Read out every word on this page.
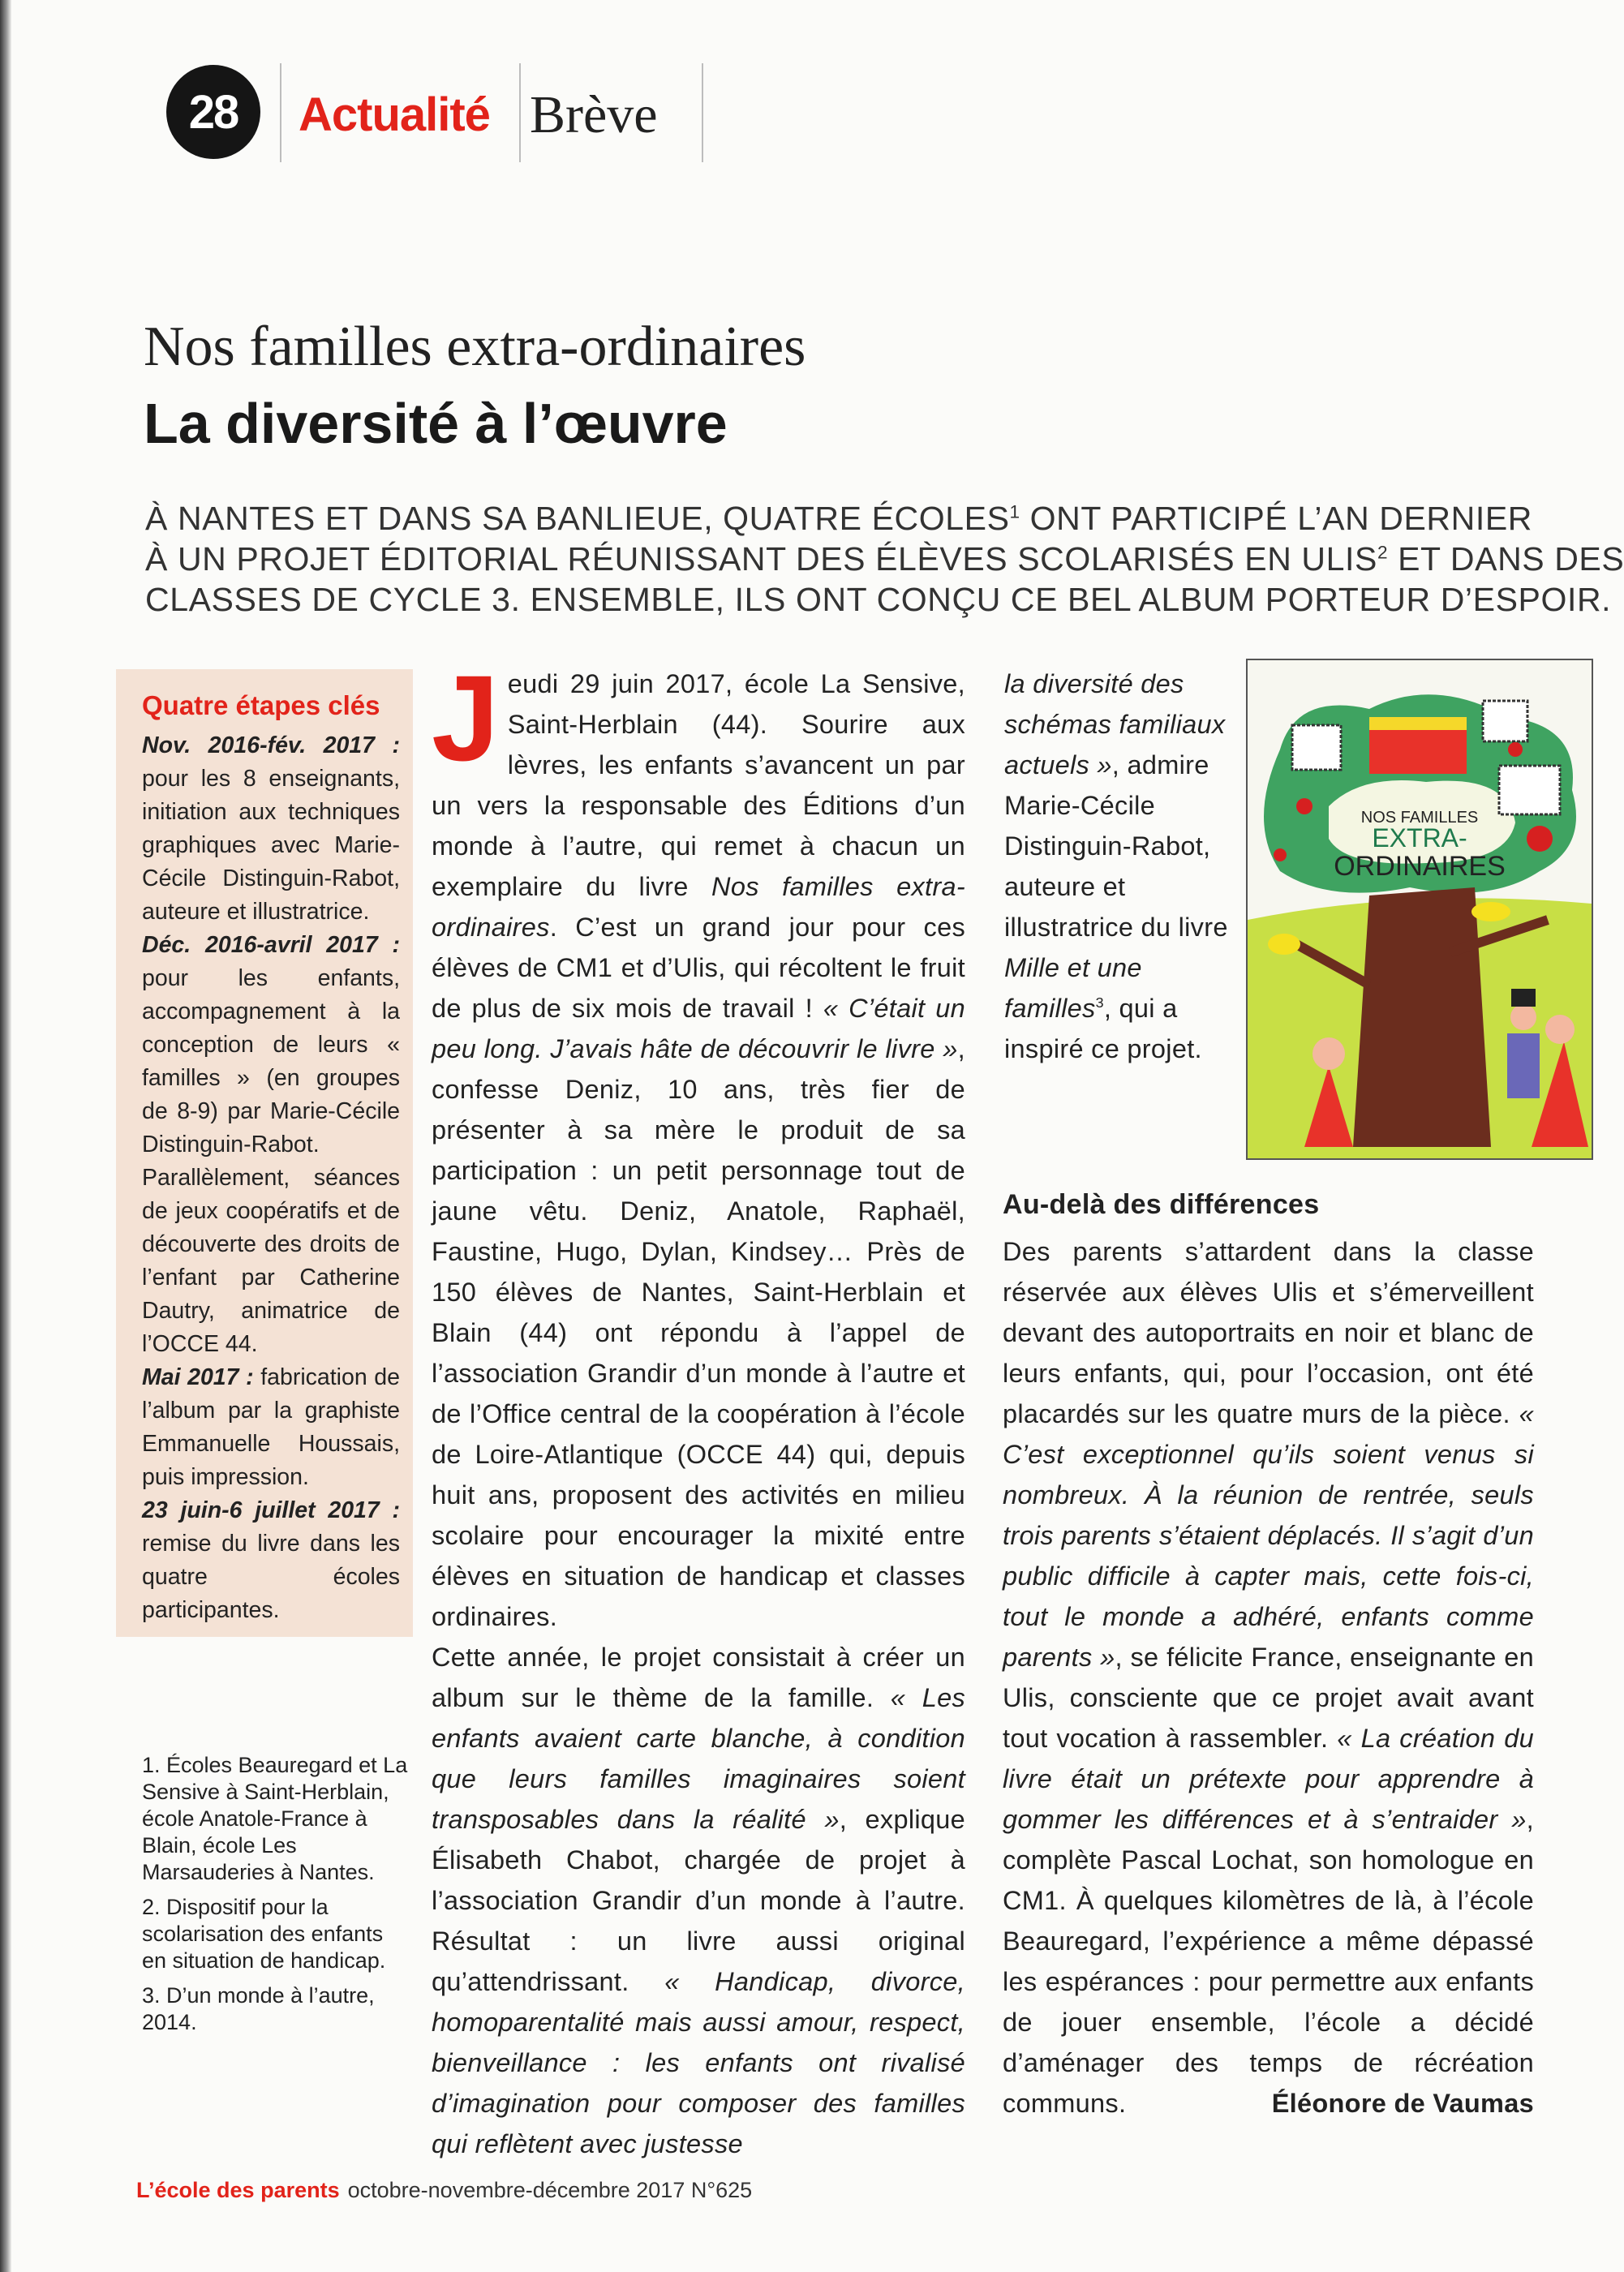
28	Actualité Brève
Nos familles extra-ordinaires
La diversité à l’œuvre
À NANTES ET DANS SA BANLIEUE, QUATRE ÉCOLES$^1$ ONT PARTICIPÉ L’AN DERNIER
À UN PROJET ÉDITORIAL RÉUNISSANT DES ÉLÈVES SCOLARISÉS EN ULIS$^2$ ET DANS DES
CLASSES DE CYCLE 3. ENSEMBLE, ILS ONT CONÇU CE BEL ALBUM PORTEUR D’ESPOIR.
Quatre étapes clés

Nov. 2016-fév. 2017 : pour les 8 enseignants, initiation aux techniques graphiques avec Marie-Cécile Distinguin-Rabot, auteure et illustratrice.
Déc. 2016-avril 2017 : pour les enfants, accompagnement à la conception de leurs « familles » (en groupes de 8-9) par Marie-Cécile Distinguin-Rabot. Parallèlement, séances de jeux coopératifs et de découverte des droits de l’enfant par Catherine Dautry, animatrice de l’OCCE 44.
Mai 2017 : fabrication de l’album par la graphiste Emmanuelle Houssais, puis impression.
23 juin-6 juillet 2017 : remise du livre dans les quatre écoles participantes.

J eudi 29 juin 2017, école La Sensive, Saint-Herblain (44). Sourire aux lèvres, les enfants s’avancent un par un vers la responsable des Éditions d’un monde à l’autre, qui remet à chacun un exemplaire du livre Nos familles extra-ordinaires. C’est un grand jour pour ces élèves de CM1 et d’Ulis, qui récoltent le fruit de plus de six mois de travail ! « C’était un peu long. J’avais hâte de découvrir le livre », confesse Deniz, 10 ans, très fier de présenter à sa mère le produit de sa participation : un petit personnage tout de jaune vêtu. Deniz, Anatole, Raphaël, Faustine, Hugo, Dylan, Kindsey… Près de 150 élèves de Nantes, Saint-Herblain et Blain (44) ont répondu à l’appel de l’association Grandir d’un monde à l’autre et de l’Office central de la coopération à l’école de Loire-Atlantique (OCCE 44) qui, depuis huit ans, proposent des activités en milieu scolaire pour encourager la mixité entre élèves en situation de handicap et classes ordinaires.

Cette année, le projet consistait à créer un album sur le thème de la famille. « Les enfants avaient carte blanche, à condition que leurs familles imaginaires soient transposables dans la réalité », explique Élisabeth Chabot, chargée de projet à l’association Grandir d’un monde à l’autre. Résultat : un livre aussi original qu’attendrissant. « Handicap, divorce, homoparentalité mais aussi amour, respect, bienveillance : les enfants ont rivalisé d’imagination pour composer des familles qui reflètent avec justesse

la diversité des schémas familiaux actuels », admire Marie-Cécile Distinguin-Rabot, auteure et illustratrice du livre Mille et une familles$^3$, qui a inspiré ce projet.

NOS FAMILLES
EXTRA-
ORDINAIRES
Au-delà des différences

Des parents s’attardent dans la classe réservée aux élèves Ulis et s’émerveillent devant des autoportraits en noir et blanc de leurs enfants, qui, pour l’occasion, ont été placardés sur les quatre murs de la pièce. « C’est exceptionnel qu’ils soient venus si nombreux. À la réunion de rentrée, seuls trois parents s’étaient déplacés. Il s’agit d’un public difficile à capter mais, cette fois-ci, tout le monde a adhéré, enfants comme parents », se félicite France, enseignante en Ulis, consciente que ce projet avait avant tout vocation à rassembler. « La création du livre était un prétexte pour apprendre à gommer les différences et à s’entraider », complète Pascal Lochat, son homologue en CM1. À quelques kilomètres de là, à l’école Beauregard, l’expérience a même dépassé les espérances : pour permettre aux enfants de jouer ensemble, l’école a décidé d’aménager des temps de récréation communs.	Éléonore de Vaumas

1. Écoles Beauregard et La Sensive à Saint-Herblain, école Anatole-France à Blain, école Les Marsauderies à Nantes.

2. Dispositif pour la scolarisation des enfants en situation de handicap.

3. D’un monde à l’autre, 2014.

L’école des parents octobre-novembre-décembre 2017 N°625
